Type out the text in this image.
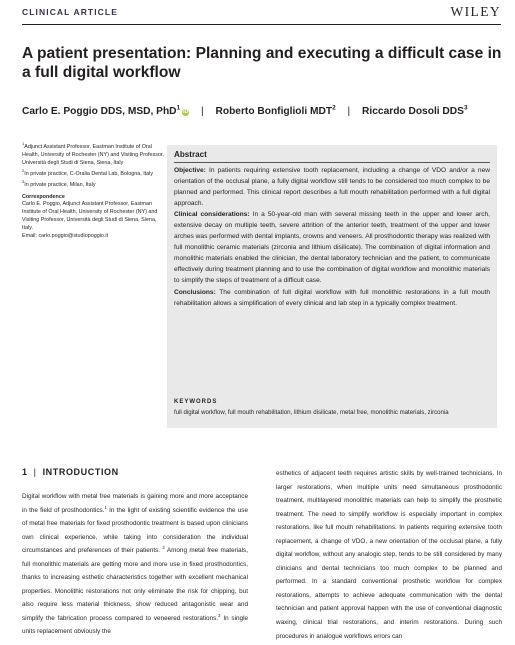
CLINICAL ARTICLE	WILEY
A patient presentation: Planning and executing a difficult case in a full digital workflow
Carlo E. Poggio DDS, MSD, PhD$^1$iD | Roberto Bonfiglioli MDT$^2$ | Riccardo Dosoli DDS$^3$

$^1$Adjunct Assistant Professor, Eastman Institute of Oral Health, University of Rochester (NY) and Visiting Professor, Università degli Studi di Siena, Siena, Italy

$^2$In private practice, C-Oralia Dental Lab, Bologna, Italy

$^3$In private practice, Milan, Italy

Correspondence
Carlo E. Poggio, Adjunct Assistant Professor, Eastman Institute of Oral Health, University of Rochester (NY) and Visiting Professor, Università degli Studi di Siena, Siena, Italy.
Email: carlo.poggio@studiopoggio.it
Abstract

Objective: In patients requiring extensive tooth replacement, including a change of VDO and/or a new orientation of the occlusal plane, a fully digital workflow still tends to be considered too much complex to be planned and performed. This clinical report describes a full mouth rehabilitation performed with a full digital approach.

Clinical considerations: In a 50-year-old man with several missing teeth in the upper and lower arch, extensive decay on multiple teeth, severe attrition of the anterior teeth, treatment of the upper and lower arches was performed with dental implants, crowns and veneers. All prosthodontic therapy was realized with full monolithic ceramic materials (zirconia and lithium disilicate). The combination of digital information and monolithic materials enabled the clinician, the dental laboratory technician and the patient, to communicate effectively during treatment planning and to use the combination of digital workflow and monolithic materials to simplify the steps of treatment of a difficult case.

Conclusions: The combination of full digital workflow with full monolithic restorations in a full mouth rehabilitation allows a simplification of every clinical and lab step in a typically complex treatment.

KEYWORDS
full digital workflow, full mouth rehabilitation, lithium disilicate, metal free, monolithic materials, zirconia
1 | INTRODUCTION

Digital workflow with metal free materials is gaining more and more acceptance in the field of prosthodontics.$^1$ In the light of existing scientific evidence the use of metal free materials for fixed prosthodontic treatment is based upon clinicians own clinical experience, while taking into consideration the individual circumstances and preferences of their patients. $^2$ Among metal free materials, full monolithic materials are getting more and more use in fixed prosthodontics, thanks to increasing esthetic characteristics together with excellent mechanical properties. Monolithic restorations not only eliminate the risk for chipping, but also require less material thickness, show reduced antagonistic wear and simplify the fabrication process compared to veneered restorations.$^3$ In single units replacement obviously the

esthetics of adjacent teeth requires artistic skills by well-trained technicians. In larger restorations, when multiple units need simultaneous prosthodontic treatment, multilayered monolithic materials can help to simplify the prosthetic treatment. The need to simplify workflow is especially important in complex restorations, like full mouth rehabilitations. In patients requiring extensive tooth replacement, a change of VDO, a new orientation of the occlusal plane, a fully digital workflow, without any analogic step, tends to be still considered by many clinicians and dental technicians too much complex to be planned and performed. In a standard conventional prosthetic workflow for complex restorations, attempts to achieve adequate communication with the dental technician and patient approval happen with the use of conventional diagnostic waxing, clinical trial restorations, and interim restorations. During such procedures in analogue workflows errors can
